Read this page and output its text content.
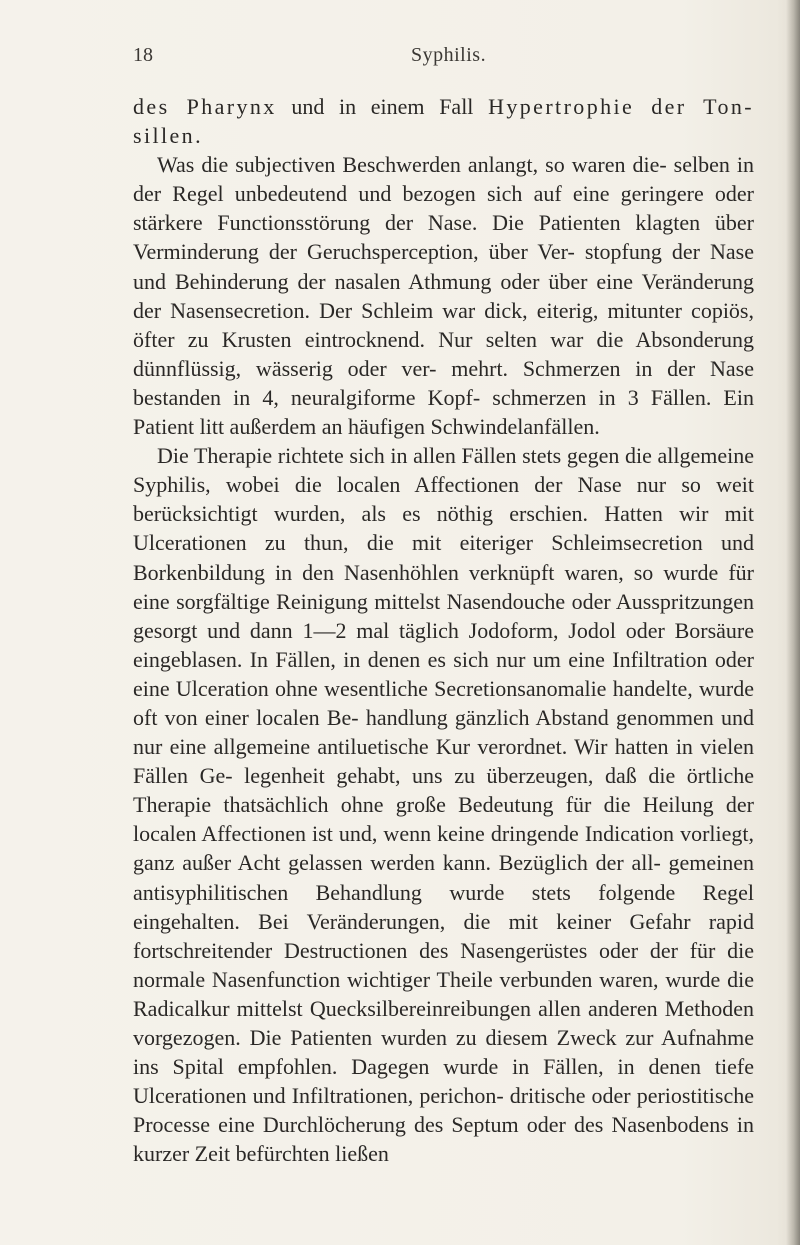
18	Syphilis.

des Pharynx und in einem Fall Hypertrophie der Ton- sillen.

Was die subjectiven Beschwerden anlangt, so waren die- selben in der Regel unbedeutend und bezogen sich auf eine geringere oder stärkere Functionsstörung der Nase. Die Patienten klagten über Verminderung der Geruchsperception, über Ver- stopfung der Nase und Behinderung der nasalen Athmung oder über eine Veränderung der Nasensecretion. Der Schleim war dick, eiterig, mitunter copiös, öfter zu Krusten eintrocknend. Nur selten war die Absonderung dünnflüssig, wässerig oder ver- mehrt. Schmerzen in der Nase bestanden in 4, neuralgiforme Kopf- schmerzen in 3 Fällen. Ein Patient litt außerdem an häufigen Schwindelanfällen.

Die Therapie richtete sich in allen Fällen stets gegen die allgemeine Syphilis, wobei die localen Affectionen der Nase nur so weit berücksichtigt wurden, als es nöthig erschien. Hatten wir mit Ulcerationen zu thun, die mit eiteriger Schleimsecretion und Borkenbildung in den Nasenhöhlen verknüpft waren, so wurde für eine sorgfältige Reinigung mittelst Nasendouche oder Ausspritzungen gesorgt und dann 1—2 mal täglich Jodoform, Jodol oder Borsäure eingeblasen. In Fällen, in denen es sich nur um eine Infiltration oder eine Ulceration ohne wesentliche Secretionsanomalie handelte, wurde oft von einer localen Be- handlung gänzlich Abstand genommen und nur eine allgemeine antiluetische Kur verordnet. Wir hatten in vielen Fällen Ge- legenheit gehabt, uns zu überzeugen, daß die örtliche Therapie thatsächlich ohne große Bedeutung für die Heilung der localen Affectionen ist und, wenn keine dringende Indication vorliegt, ganz außer Acht gelassen werden kann. Bezüglich der all- gemeinen antisyphilitischen Behandlung wurde stets folgende Regel eingehalten. Bei Veränderungen, die mit keiner Gefahr rapid fortschreitender Destructionen des Nasengerüstes oder der für die normale Nasenfunction wichtiger Theile verbunden waren, wurde die Radicalkur mittelst Quecksilbereinreibungen allen anderen Methoden vorgezogen. Die Patienten wurden zu diesem Zweck zur Aufnahme ins Spital empfohlen. Dagegen wurde in Fällen, in denen tiefe Ulcerationen und Infiltrationen, perichon- dritische oder periostitische Processe eine Durchlöcherung des Septum oder des Nasenbodens in kurzer Zeit befürchten ließen
